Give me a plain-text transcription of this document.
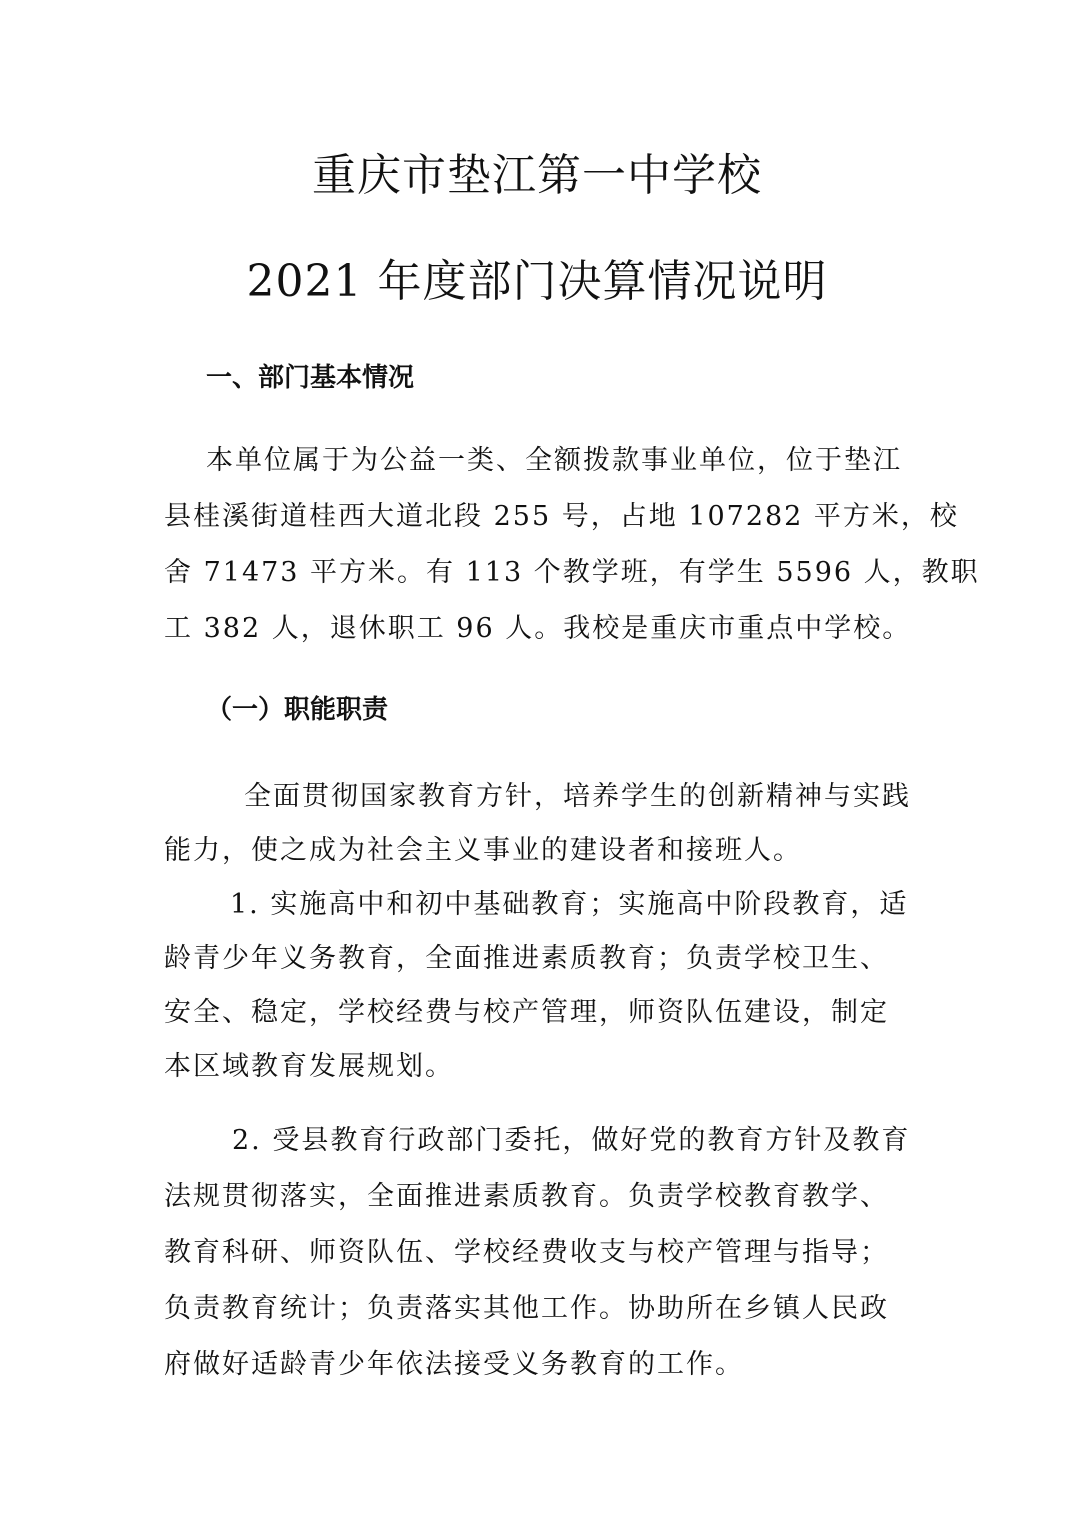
重庆市垫江第一中学校
2021 年度部门决算情况说明
一、部门基本情况
本单位属于为公益一类、全额拨款事业单位，位于垫江
县桂溪街道桂西大道北段 255 号，占地 107282 平方米，校
舍 71473 平方米。有 113 个教学班，有学生 5596 人，教职
工 382 人，退休职工 96 人。我校是重庆市重点中学校。
（一）职能职责
全面贯彻国家教育方针，培养学生的创新精神与实践
能力，使之成为社会主义事业的建设者和接班人。
1. 实施高中和初中基础教育；实施高中阶段教育，适
龄青少年义务教育，全面推进素质教育；负责学校卫生、
安全、稳定，学校经费与校产管理，师资队伍建设，制定
本区域教育发展规划。
2. 受县教育行政部门委托，做好党的教育方针及教育
法规贯彻落实，全面推进素质教育。负责学校教育教学、
教育科研、师资队伍、学校经费收支与校产管理与指导；
负责教育统计；负责落实其他工作。协助所在乡镇人民政
府做好适龄青少年依法接受义务教育的工作。
